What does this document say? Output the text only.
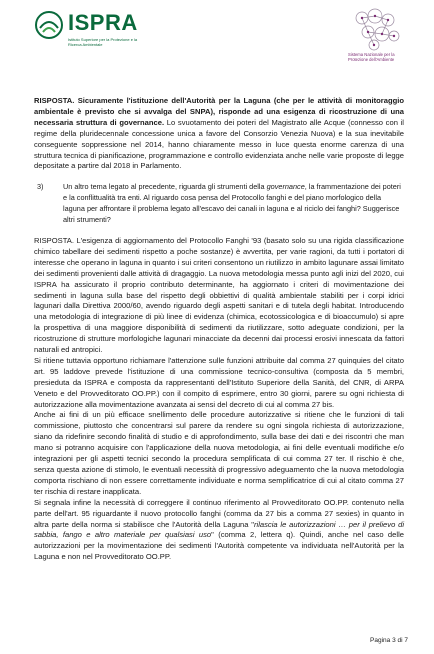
ISPRA
Istituto Superiore per la Protezione e la Ricerca Ambientale
Sistema Nazionale per la Protezione dell'Ambiente

RISPOSTA. Sicuramente l'istituzione dell'Autorità per la Laguna (che per le attività di monitoraggio ambientale è previsto che si avvalga del SNPA), risponde ad una esigenza di ricostruzione di una necessaria struttura di governance. Lo svuotamento dei poteri del Magistrato alle Acque (connesso con il regime della pluridecennale concessione unica a favore del Consorzio Venezia Nuova) e la sua inevitabile conseguente soppressione nel 2014, hanno chiaramente messo in luce questa enorme carenza di una struttura tecnica di pianificazione, programmazione e controllo evidenziata anche nelle varie proposte di legge depositate a partire dal 2018 in Parlamento.

3)	Un altro tema legato al precedente, riguarda gli strumenti della governance, la frammentazione dei poteri e la conflittualità tra enti. Al riguardo cosa pensa del Protocollo fanghi e del piano morfologico della laguna per affrontare il problema legato all'escavo dei canali in laguna e al riciclo dei fanghi? Suggerisce altri strumenti?

RISPOSTA. L'esigenza di aggiornamento del Protocollo Fanghi '93 (basato solo su una rigida classificazione chimico tabellare dei sedimenti rispetto a poche sostanze) è avvertita, per varie ragioni, da tutti i portatori di interesse che operano in laguna in quanto i sui criteri consentono un riutilizzo in ambito lagunare assai limitato dei sedimenti provenienti dalle attività di dragaggio. La nuova metodologia messa punto agli inizi del 2020, cui ISPRA ha assicurato il proprio contributo determinante, ha aggiornato i criteri di movimentazione dei sedimenti in laguna sulla base del rispetto degli obbiettivi di qualità ambientale stabiliti per i corpi idrici lagunari dalla Direttiva 2000/60, avendo riguardo degli aspetti sanitari e di tutela degli habitat. Introducendo una metodologia di integrazione di più linee di evidenza (chimica, ecotossicologica e di bioaccumulo) si apre la prospettiva di una maggiore disponibilità di sedimenti da riutilizzare, sotto adeguate condizioni, per la ricostruzione di strutture morfologiche lagunari minacciate da decenni dai processi erosivi innescata da fattori naturali ed antropici.

Si ritiene tuttavia opportuno richiamare l'attenzione sulle funzioni attribuite dal comma 27 quinquies del citato art. 95 laddove prevede l'istituzione di una commissione tecnico-consultiva (composta da 5 membri, presieduta da ISPRA e composta da rappresentanti dell'Istituto Superiore della Sanità, del CNR, di ARPA Veneto e del Provveditorato OO.PP.) con il compito di esprimere, entro 30 giorni, parere su ogni richiesta di autorizzazione alla movimentazione avanzata ai sensi del decreto di cui al comma 27 bis.

Anche ai fini di un più efficace snellimento delle procedure autorizzative si ritiene che le funzioni di tali commissione, piuttosto che concentrarsi sul parere da rendere su ogni singola richiesta di autorizzazione, siano da ridefinire secondo finalità di studio e di approfondimento, sulla base dei dati e dei riscontri che man mano si potranno acquisire con l'applicazione della nuova metodologia, ai fini delle eventuali modifiche e/o integrazioni per gli aspetti tecnici secondo la procedura semplificata di cui comma 27 ter. Il rischio è che, senza questa azione di stimolo, le eventuali necessità di progressivo adeguamento che la nuova metodologia comporta rischiano di non essere correttamente individuate e norma semplificatrice di cui al citato comma 27 ter rischia di restare inapplicata.

Si segnala infine la necessità di correggere il continuo riferimento al Provveditorato OO.PP. contenuto nella parte dell'art. 95 riguardante il nuovo protocollo fanghi (comma da 27 bis a comma 27 sexies) in quanto in altra parte della norma si stabilisce che l'Autorità della Laguna "rilascia le autorizzazioni … per il prelievo di sabbia, fango e altro materiale per qualsiasi uso" (comma 2, lettera q). Quindi, anche nel caso delle autorizzazioni per la movimentazione dei sedimenti l'Autorità competente va individuata nell'Autorità per la Laguna e non nel Provveditorato OO.PP.

Pagina 3 di 7
